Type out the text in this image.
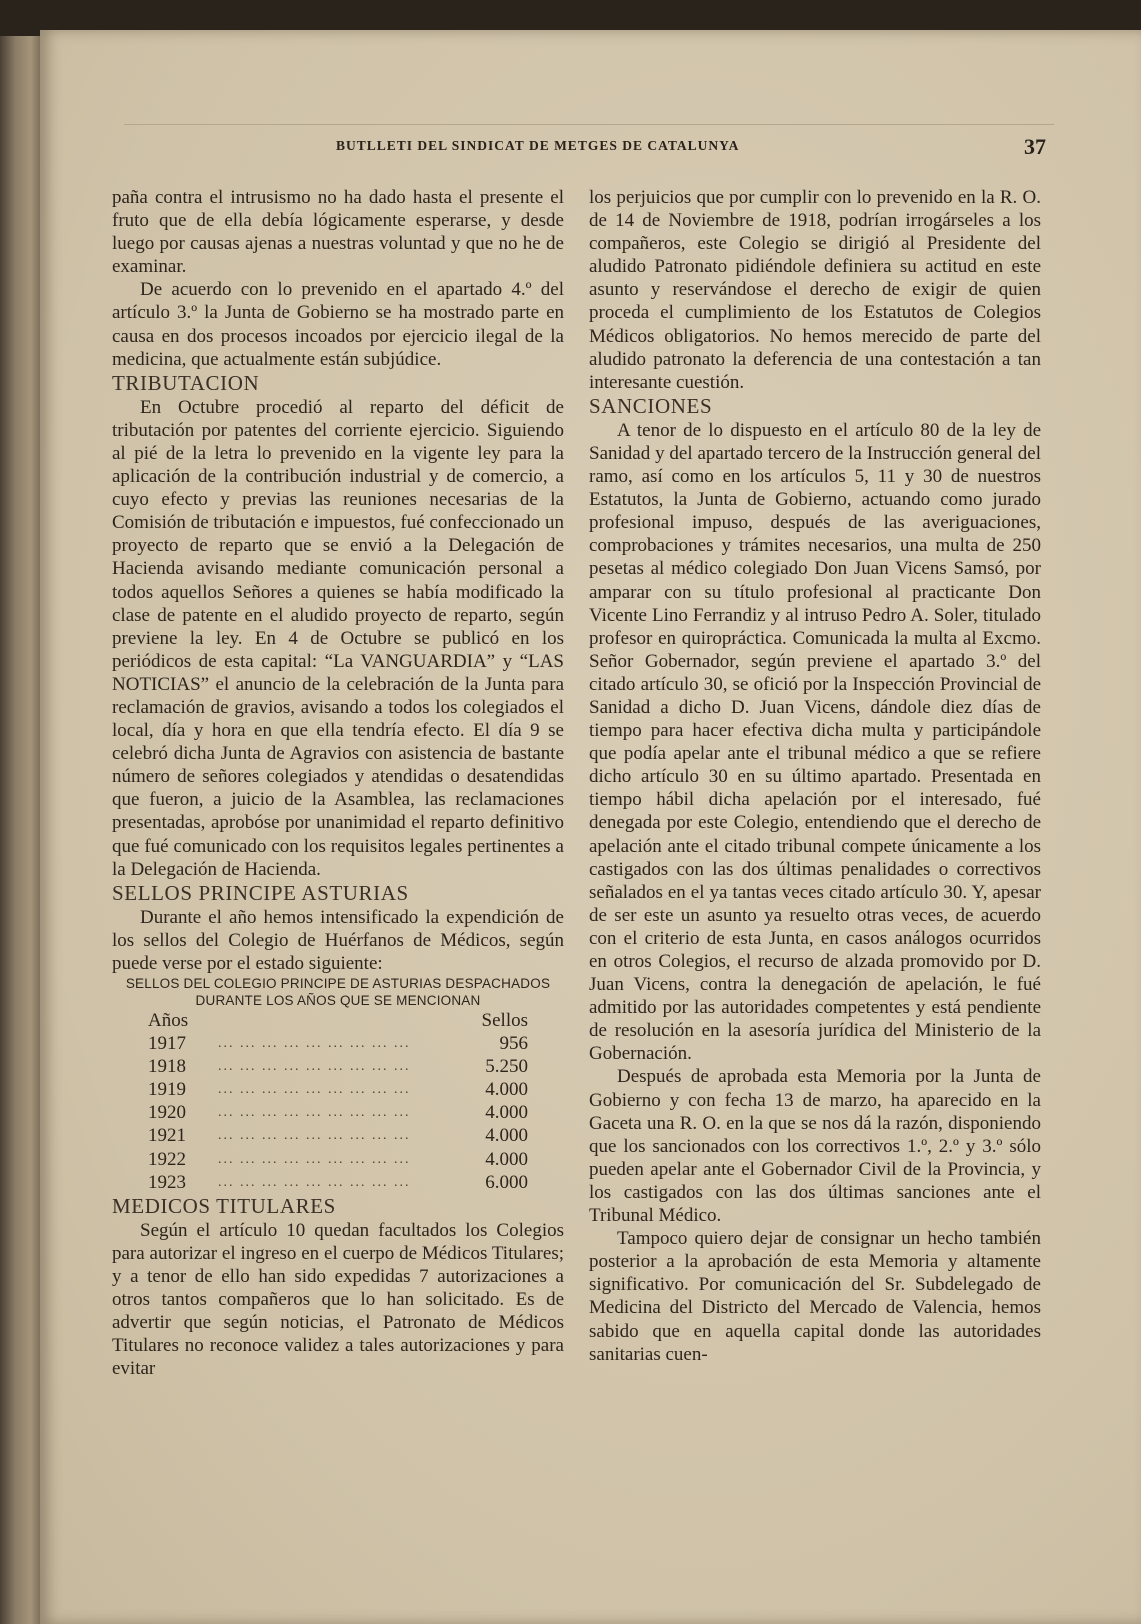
BUTLLETI DEL SINDICAT DE METGES DE CATALUNYA	37

paña contra el intrusismo no ha dado hasta el presente el fruto que de ella debía lógicamente esperarse, y desde luego por causas ajenas a nuestras voluntad y que no he de examinar.

De acuerdo con lo prevenido en el apartado 4.º del artículo 3.º la Junta de Gobierno se ha mostrado parte en causa en dos procesos incoados por ejercicio ilegal de la medicina, que actualmente están subjúdice.

TRIBUTACION

En Octubre procedió al reparto del déficit de tributación por patentes del corriente ejercicio. Siguiendo al pié de la letra lo prevenido en la vigente ley para la aplicación de la contribución industrial y de comercio, a cuyo efecto y previas las reuniones necesarias de la Comisión de tributación e impuestos, fué confeccionado un proyecto de reparto que se envió a la Delegación de Hacienda avisando mediante comunicación personal a todos aquellos Señores a quienes se había modificado la clase de patente en el aludido proyecto de reparto, según previene la ley. En 4 de Octubre se publicó en los periódicos de esta capital: “La VANGUARDIA” y “LAS NOTICIAS” el anuncio de la celebración de la Junta para reclamación de gravios, avisando a todos los colegiados el local, día y hora en que ella tendría efecto. El día 9 se celebró dicha Junta de Agravios con asistencia de bastante número de señores colegiados y atendidas o desatendidas que fueron, a juicio de la Asamblea, las reclamaciones presentadas, aprobóse por unanimidad el reparto definitivo que fué comunicado con los requisitos legales pertinentes a la Delegación de Hacienda.

SELLOS PRINCIPE ASTURIAS

Durante el año hemos intensificado la expendición de los sellos del Colegio de Huérfanos de Médicos, según puede verse por el estado siguiente:

SELLOS DEL COLEGIO PRINCIPE DE ASTURIAS DESPACHADOS DURANTE LOS AÑOS QUE SE MENCIONAN
Años		Sellos
1917	... ... ... ... ... ... ... ... ...	956
1918	... ... ... ... ... ... ... ... ...	5.250
1919	... ... ... ... ... ... ... ... ...	4.000
1920	... ... ... ... ... ... ... ... ...	4.000
1921	... ... ... ... ... ... ... ... ...	4.000
1922	... ... ... ... ... ... ... ... ...	4.000
1923	... ... ... ... ... ... ... ... ...	6.000
MEDICOS TITULARES

Según el artículo 10 quedan facultados los Colegios para autorizar el ingreso en el cuerpo de Médicos Titulares; y a tenor de ello han sido expedidas 7 autorizaciones a otros tantos compañeros que lo han solicitado. Es de advertir que según noticias, el Patronato de Médicos Titulares no reconoce validez a tales autorizaciones y para evitar

los perjuicios que por cumplir con lo prevenido en la R. O. de 14 de Noviembre de 1918, podrían irrogárseles a los compañeros, este Colegio se dirigió al Presidente del aludido Patronato pidiéndole definiera su actitud en este asunto y reservándose el derecho de exigir de quien proceda el cumplimiento de los Estatutos de Colegios Médicos obligatorios. No hemos merecido de parte del aludido patronato la deferencia de una contestación a tan interesante cuestión.

SANCIONES

A tenor de lo dispuesto en el artículo 80 de la ley de Sanidad y del apartado tercero de la Instrucción general del ramo, así como en los artículos 5, 11 y 30 de nuestros Estatutos, la Junta de Gobierno, actuando como jurado profesional impuso, después de las averiguaciones, comprobaciones y trámites necesarios, una multa de 250 pesetas al médico colegiado Don Juan Vicens Samsó, por amparar con su título profesional al practicante Don Vicente Lino Ferrandiz y al intruso Pedro A. Soler, titulado profesor en quiropráctica. Comunicada la multa al Excmo. Señor Gobernador, según previene el apartado 3.º del citado artículo 30, se ofició por la Inspección Provincial de Sanidad a dicho D. Juan Vicens, dándole diez días de tiempo para hacer efectiva dicha multa y participándole que podía apelar ante el tribunal médico a que se refiere dicho artículo 30 en su último apartado. Presentada en tiempo hábil dicha apelación por el interesado, fué denegada por este Colegio, entendiendo que el derecho de apelación ante el citado tribunal compete únicamente a los castigados con las dos últimas penalidades o correctivos señalados en el ya tantas veces citado artículo 30. Y, apesar de ser este un asunto ya resuelto otras veces, de acuerdo con el criterio de esta Junta, en casos análogos ocurridos en otros Colegios, el recurso de alzada promovido por D. Juan Vicens, contra la denegación de apelación, le fué admitido por las autoridades competentes y está pendiente de resolución en la asesoría jurídica del Ministerio de la Gobernación.

Después de aprobada esta Memoria por la Junta de Gobierno y con fecha 13 de marzo, ha aparecido en la Gaceta una R. O. en la que se nos dá la razón, disponiendo que los sancionados con los correctivos 1.º, 2.º y 3.º sólo pueden apelar ante el Gobernador Civil de la Provincia, y los castigados con las dos últimas sanciones ante el Tribunal Médico.

Tampoco quiero dejar de consignar un hecho también posterior a la aprobación de esta Memoria y altamente significativo. Por comunicación del Sr. Subdelegado de Medicina del Districto del Mercado de Valencia, hemos sabido que en aquella capital donde las autoridades sanitarias cuen-
